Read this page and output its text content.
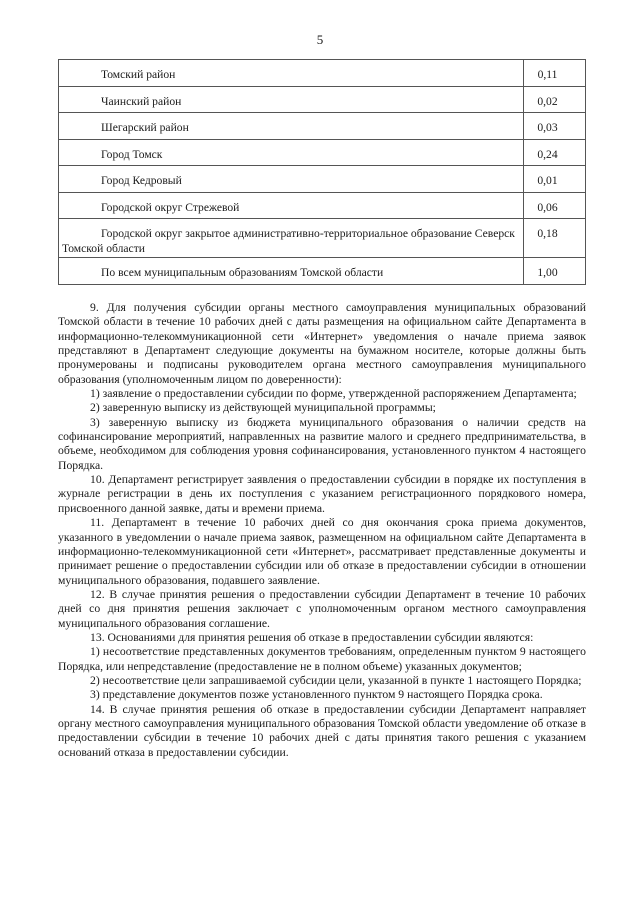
5
Томский район	0,11
Чаинский район	0,02
Шегарский район	0,03
Город Томск	0,24
Город Кедровый	0,01
Городской округ Стрежевой	0,06
Городской округ закрытое административно-территориальное образование Северск Томской области	0,18
По всем муниципальным образованиям Томской области	1,00

9. Для получения субсидии органы местного самоуправления муниципальных образований Томской области в течение 10 рабочих дней с даты размещения на официальном сайте Департамента в информационно-телекоммуникационной сети «Интернет» уведомления о начале приема заявок представляют в Департамент следующие документы на бумажном носителе, которые должны быть пронумерованы и подписаны руководителем органа местного самоуправления муниципального образования (уполномоченным лицом по доверенности):

1) заявление о предоставлении субсидии по форме, утвержденной распоряжением Департамента;

2) заверенную выписку из действующей муниципальной программы;

3) заверенную выписку из бюджета муниципального образования о наличии средств на софинансирование мероприятий, направленных на развитие малого и среднего предпринимательства, в объеме, необходимом для соблюдения уровня софинансирования, установленного пунктом 4 настоящего Порядка.

10. Департамент регистрирует заявления о предоставлении субсидии в порядке их поступления в журнале регистрации в день их поступления с указанием регистрационного порядкового номера, присвоенного данной заявке, даты и времени приема.

11. Департамент в течение 10 рабочих дней со дня окончания срока приема документов, указанного в уведомлении о начале приема заявок, размещенном на официальном сайте Департамента в информационно-телекоммуникационной сети «Интернет», рассматривает представленные документы и принимает решение о предоставлении субсидии или об отказе в предоставлении субсидии в отношении муниципального образования, подавшего заявление.

12. В случае принятия решения о предоставлении субсидии Департамент в течение 10 рабочих дней со дня принятия решения заключает с уполномоченным органом местного самоуправления муниципального образования соглашение.

13. Основаниями для принятия решения об отказе в предоставлении субсидии являются:

1) несоответствие представленных документов требованиям, определенным пунктом 9 настоящего Порядка, или непредставление (предоставление не в полном объеме) указанных документов;

2) несоответствие цели запрашиваемой субсидии цели, указанной в пункте 1 настоящего Порядка;

3) представление документов позже установленного пунктом 9 настоящего Порядка срока.

14. В случае принятия решения об отказе в предоставлении субсидии Департамент направляет органу местного самоуправления муниципального образования Томской области уведомление об отказе в предоставлении субсидии в течение 10 рабочих дней с даты принятия такого решения с указанием оснований отказа в предоставлении субсидии.
